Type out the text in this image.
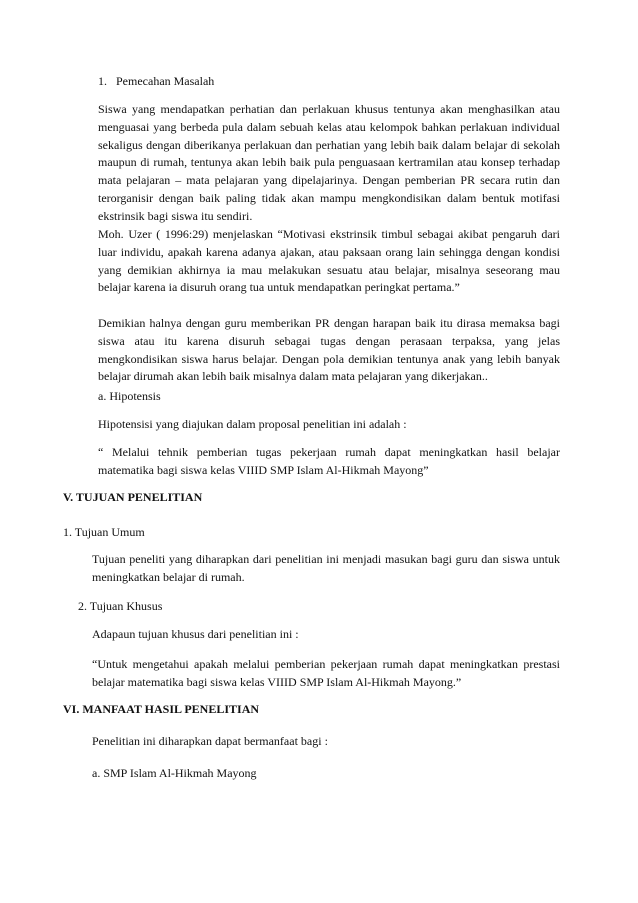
1. Pemecahan Masalah

Siswa yang mendapatkan perhatian dan perlakuan khusus tentunya akan menghasilkan atau menguasai yang berbeda pula dalam sebuah kelas atau kelompok bahkan perlakuan individual sekaligus dengan diberikanya perlakuan dan perhatian yang lebih baik dalam belajar di sekolah maupun di rumah, tentunya akan lebih baik pula penguasaan kertramilan atau konsep terhadap mata pelajaran – mata pelajaran yang dipelajarinya. Dengan pemberian PR secara rutin dan terorganisir dengan baik paling tidak akan mampu mengkondisikan dalam bentuk motifasi ekstrinsik bagi siswa itu sendiri.

Moh. Uzer ( 1996:29) menjelaskan “Motivasi ekstrinsik timbul sebagai akibat pengaruh dari luar individu, apakah karena adanya ajakan, atau paksaan orang lain sehingga dengan kondisi yang demikian akhirnya ia mau melakukan sesuatu atau belajar, misalnya seseorang mau belajar karena ia disuruh orang tua untuk mendapatkan peringkat pertama.”

Demikian halnya dengan guru memberikan PR dengan harapan baik itu dirasa memaksa bagi siswa atau itu karena disuruh sebagai tugas dengan perasaan terpaksa, yang jelas mengkondisikan siswa harus belajar. Dengan pola demikian tentunya anak yang lebih banyak belajar dirumah akan lebih baik misalnya dalam mata pelajaran yang dikerjakan..

a. Hipotensis

Hipotensisi yang diajukan dalam proposal penelitian ini adalah :

“ Melalui tehnik pemberian tugas pekerjaan rumah dapat meningkatkan hasil belajar matematika bagi siswa kelas VIIID SMP Islam Al-Hikmah Mayong”

V. TUJUAN PENELITIAN

1. Tujuan Umum

Tujuan peneliti yang diharapkan dari penelitian ini menjadi masukan bagi guru dan siswa untuk meningkatkan belajar di rumah.

2. Tujuan Khusus

Adapaun tujuan khusus dari penelitian ini :

“Untuk mengetahui apakah melalui pemberian pekerjaan rumah dapat meningkatkan prestasi belajar matematika bagi siswa kelas VIIID SMP Islam Al-Hikmah Mayong.”

VI. MANFAAT HASIL PENELITIAN

Penelitian ini diharapkan dapat bermanfaat bagi :

a. SMP Islam Al-Hikmah Mayong
